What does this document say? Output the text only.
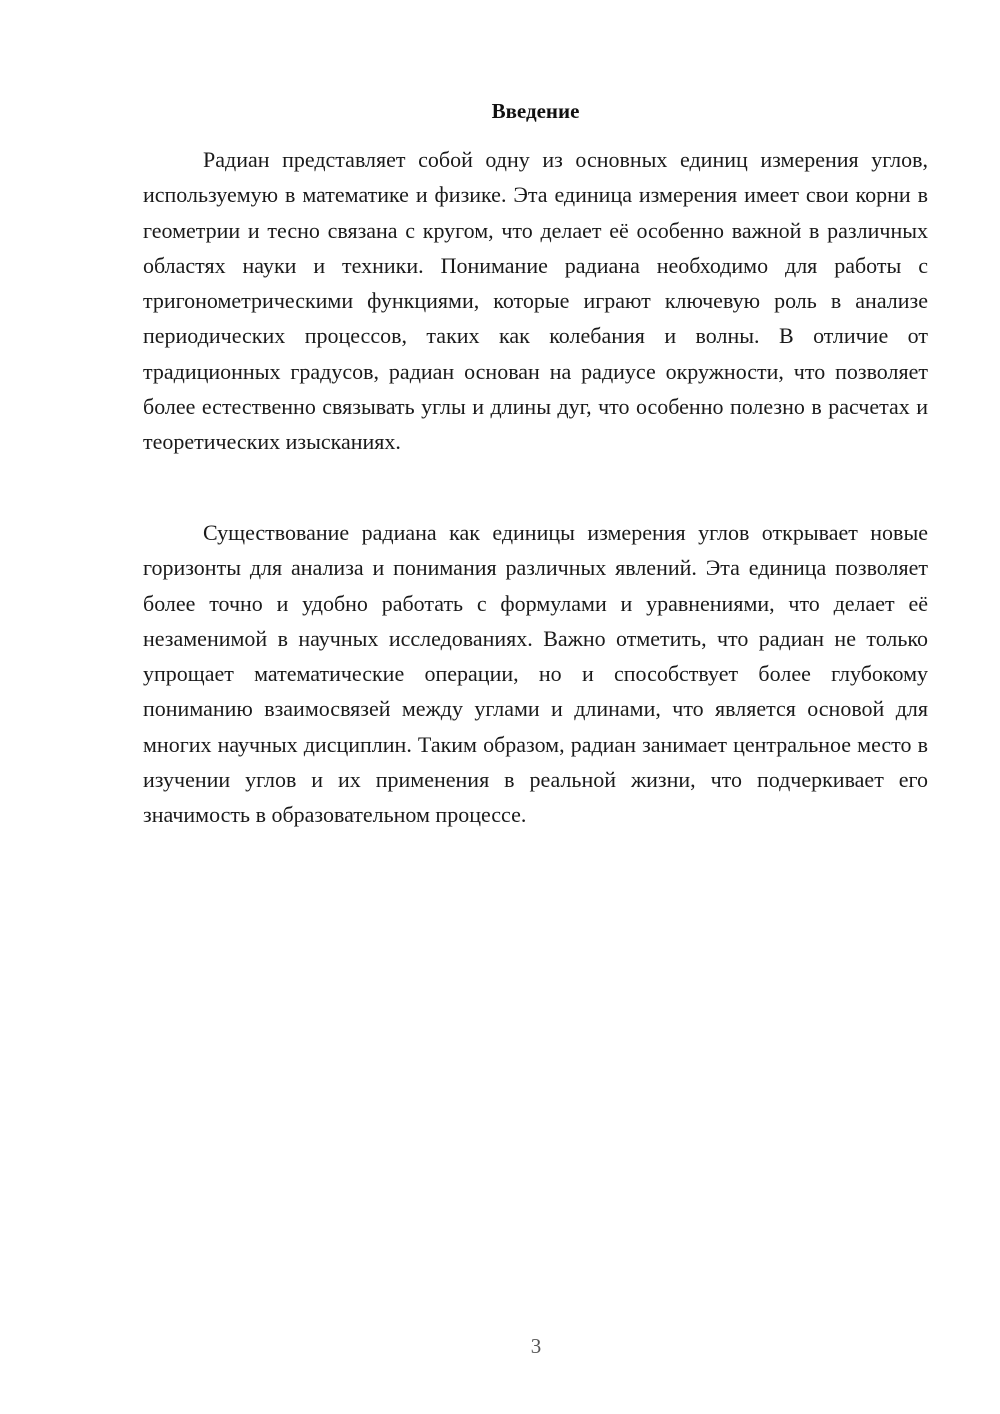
Введение

Радиан представляет собой одну из основных единиц измерения углов, используемую в математике и физике. Эта единица измерения имеет свои корни в геометрии и тесно связана с кругом, что делает её особенно важной в различных областях науки и техники. Понимание радиана необходимо для работы с тригонометрическими функциями, которые играют ключевую роль в анализе периодических процессов, таких как колебания и волны. В отличие от традиционных градусов, радиан основан на радиусе окружности, что позволяет более естественно связывать углы и длины дуг, что особенно полезно в расчетах и теоретических изысканиях.

Существование радиана как единицы измерения углов открывает новые горизонты для анализа и понимания различных явлений. Эта единица позволяет более точно и удобно работать с формулами и уравнениями, что делает её незаменимой в научных исследованиях. Важно отметить, что радиан не только упрощает математические операции, но и способствует более глубокому пониманию взаимосвязей между углами и длинами, что является основой для многих научных дисциплин. Таким образом, радиан занимает центральное место в изучении углов и их применения в реальной жизни, что подчеркивает его значимость в образовательном процессе.

3
